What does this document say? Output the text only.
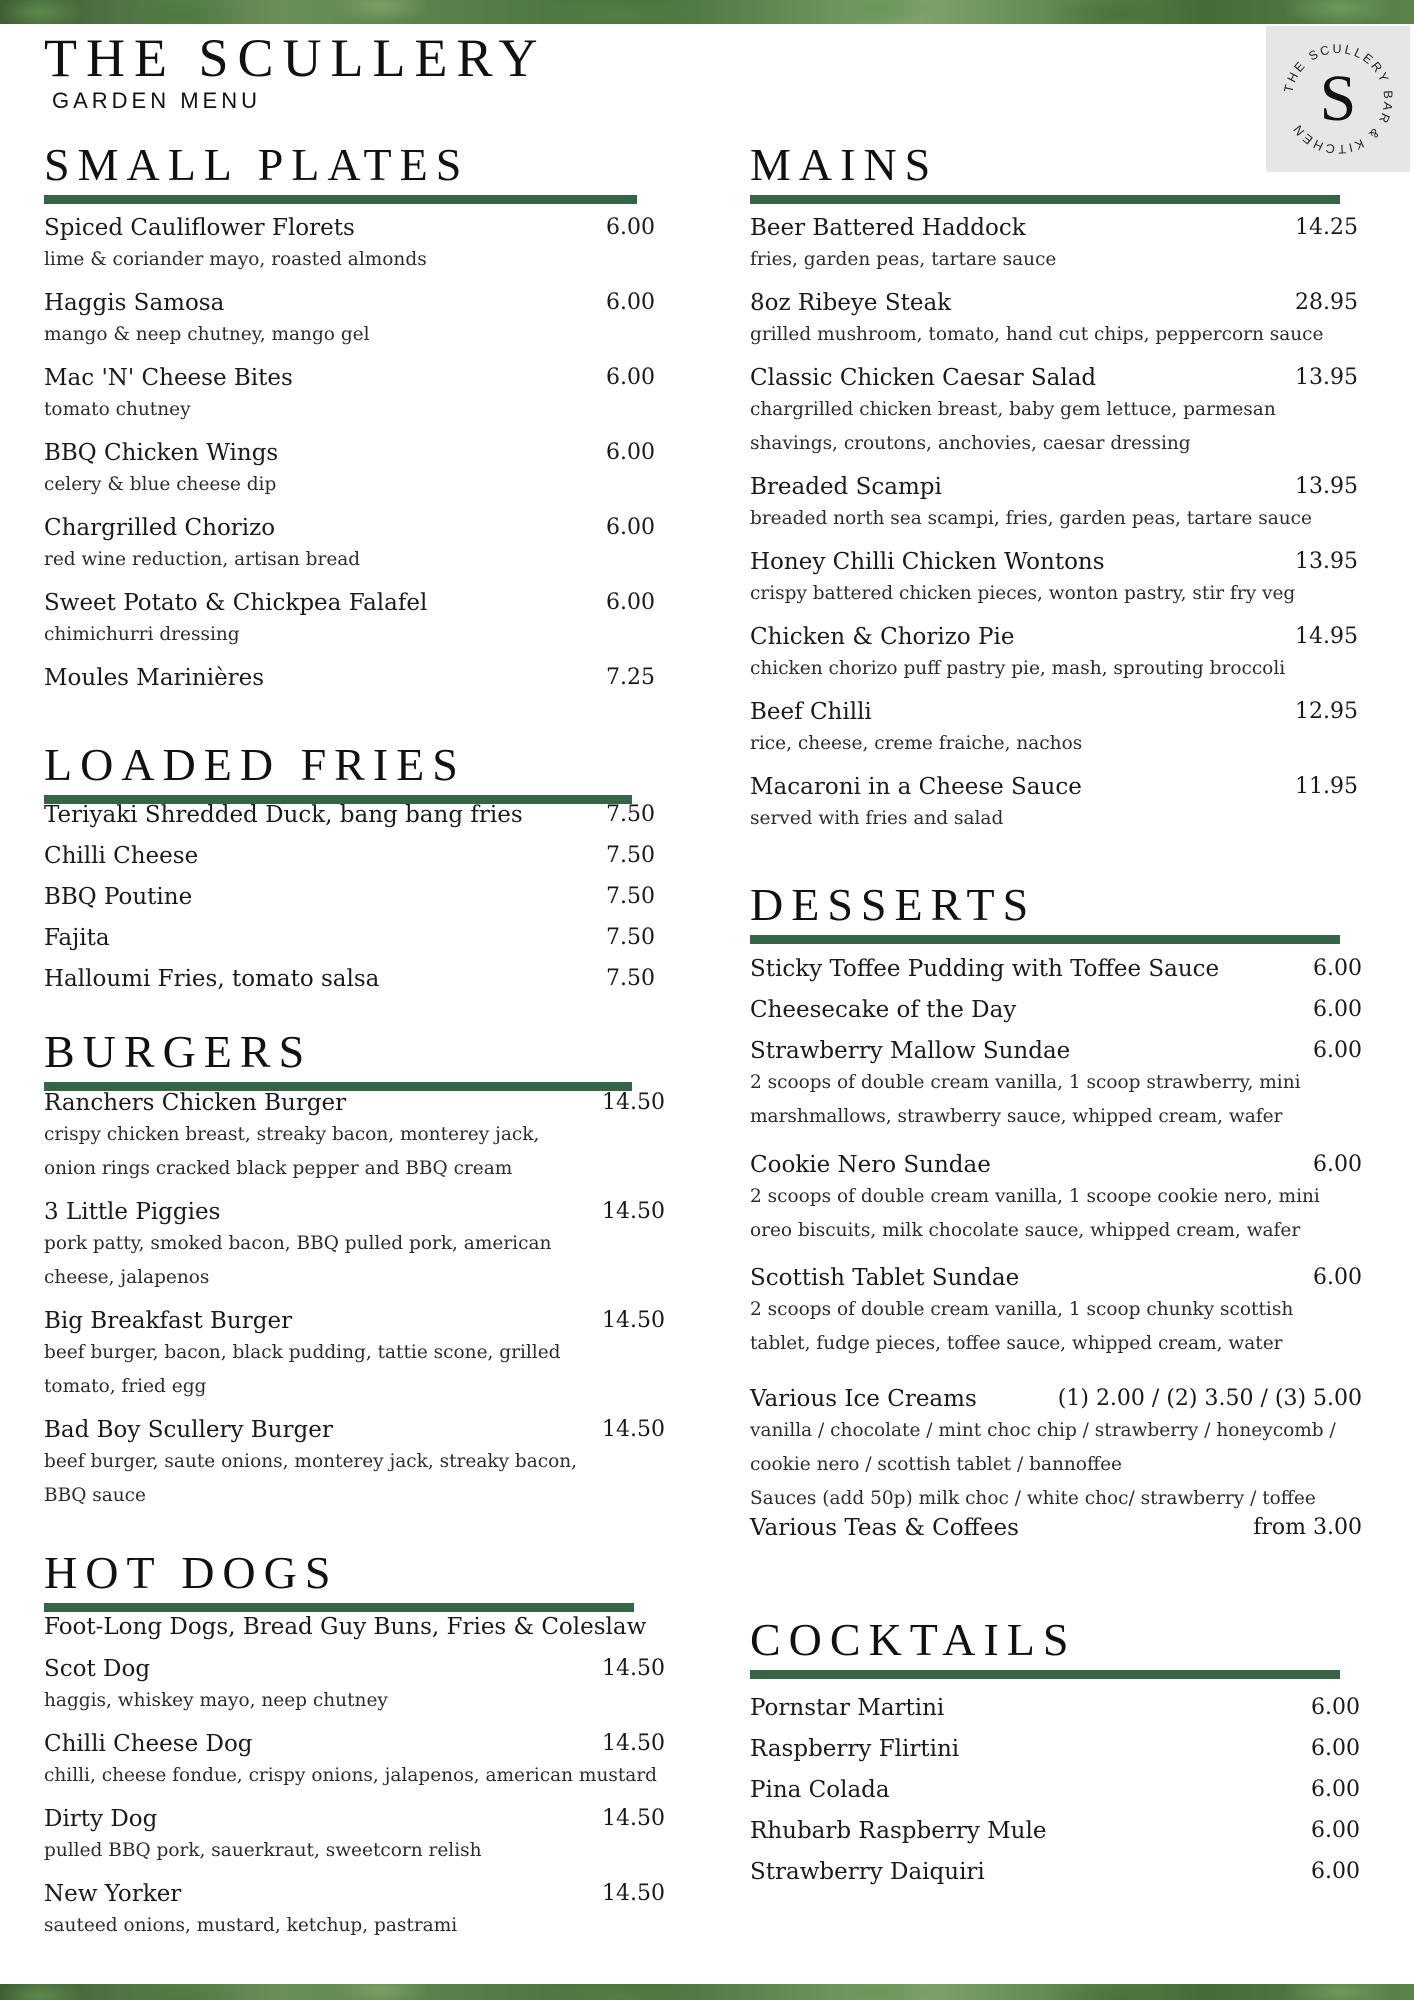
THE SCULLERY
GARDEN MENU
THE SCULLERY BAR & KITCHEN S
SMALL PLATES
LOADED FRIES
BURGERS
HOT DOGS
Spiced Cauliflower Florets	6.00
lime & coriander mayo, roasted almonds
Haggis Samosa	6.00
mango & neep chutney, mango gel
Mac 'N' Cheese Bites	6.00
tomato chutney
BBQ Chicken Wings	6.00
celery & blue cheese dip
Chargrilled Chorizo	6.00
red wine reduction, artisan bread
Sweet Potato & Chickpea Falafel	6.00
chimichurri dressing
Moules Marinières	7.25
Teriyaki Shredded Duck, bang bang fries	7.50
Chilli Cheese	7.50
BBQ Poutine	7.50
Fajita	7.50
Halloumi Fries, tomato salsa	7.50
Ranchers Chicken Burger	14.50
crispy chicken breast, streaky bacon, monterey jack,
onion rings cracked black pepper and BBQ cream
3 Little Piggies	14.50
pork patty, smoked bacon, BBQ pulled pork, american
cheese, jalapenos
Big Breakfast Burger	14.50
beef burger, bacon, black pudding, tattie scone, grilled
tomato, fried egg
Bad Boy Scullery Burger	14.50
beef burger, saute onions, monterey jack, streaky bacon,
BBQ sauce
Foot-Long Dogs, Bread Guy Buns, Fries & Coleslaw
Scot Dog	14.50
haggis, whiskey mayo, neep chutney
Chilli Cheese Dog	14.50
chilli, cheese fondue, crispy onions, jalapenos, american mustard
Dirty Dog	14.50
pulled BBQ pork, sauerkraut, sweetcorn relish
New Yorker	14.50
sauteed onions, mustard, ketchup, pastrami
MAINS
DESSERTS
COCKTAILS
Beer Battered Haddock	14.25
fries, garden peas, tartare sauce
8oz Ribeye Steak	28.95
grilled mushroom, tomato, hand cut chips, peppercorn sauce
Classic Chicken Caesar Salad	13.95
chargrilled chicken breast, baby gem lettuce, parmesan
shavings, croutons, anchovies, caesar dressing
Breaded Scampi	13.95
breaded north sea scampi, fries, garden peas, tartare sauce
Honey Chilli Chicken Wontons	13.95
crispy battered chicken pieces, wonton pastry, stir fry veg
Chicken & Chorizo Pie	14.95
chicken chorizo puff pastry pie, mash, sprouting broccoli
Beef Chilli	12.95
rice, cheese, creme fraiche, nachos
Macaroni in a Cheese Sauce	11.95
served with fries and salad
Sticky Toffee Pudding with Toffee Sauce	6.00
Cheesecake of the Day	6.00
Strawberry Mallow Sundae	6.00
2 scoops of double cream vanilla, 1 scoop strawberry, mini
marshmallows, strawberry sauce, whipped cream, wafer
Cookie Nero Sundae	6.00
2 scoops of double cream vanilla, 1 scoope cookie nero, mini
oreo biscuits, milk chocolate sauce, whipped cream, wafer
Scottish Tablet Sundae	6.00
2 scoops of double cream vanilla, 1 scoop chunky scottish
tablet, fudge pieces, toffee sauce, whipped cream, water
Various Ice Creams	(1) 2.00 / (2) 3.50 / (3) 5.00
vanilla / chocolate / mint choc chip / strawberry / honeycomb /
cookie nero / scottish tablet / bannoffee
Sauces (add 50p) milk choc / white choc/ strawberry / toffee
Various Teas & Coffees	from 3.00
Pornstar Martini	6.00
Raspberry Flirtini	6.00
Pina Colada	6.00
Rhubarb Raspberry Mule	6.00
Strawberry Daiquiri	6.00
